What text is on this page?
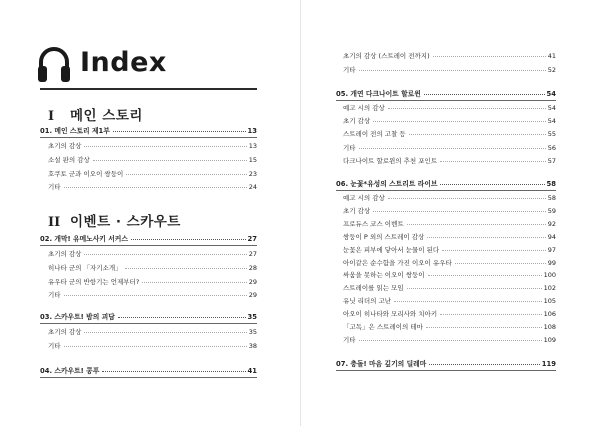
Index
I 메인 스토리
II 이벤트 · 스카우트
01. 메인 스토리 제1부	13
초기의 감상	13
소설 판의 감상	15
호쿠토 군과 이오이 쌍둥이	23
기타	24
02. 개막! 유메노사키 서커스	27
초기의 감상	27
히나타 군의 「자기소개」	28
유우타 군의 반항기는 언제부터?	29
기타	29
03. 스카우트! 밤의 괴담	35
초기의 감상	35
기타	38
04. 스카우트! 콩푸	41
초기의 감상 (스트레이 전까지)	41
기타	52
05. 개연 다크나이트 할로윈	54
예고 시의 감상	54
초기 감상	54
스트레이 전의 고찰 등	55
기타	56
다크나이트 할로윈의 추천 포인트	57
06. 눈꽃*유성의 스트리트 라이브	58
예고 시의 감상	58
초기 감상	59
프로듀스 코스 이벤트	92
쌍둥이 P 외의 스트레이 감상	94
눈꽃은 피부에 닿아서 눈물이 된다	97
아이같은 순수함을 가진 이오이 유우타	99
싸움을 못하는 이오이 쌍둥이	100
스트레이를 읽는 모임	102
유닛 리더의 고난	105
아오이 히나타와 모리사와 치아키	106
「고독」은 스트레이의 테마	108
기타	109
07. 충돌! 마음 깊기의 딜레마	119
